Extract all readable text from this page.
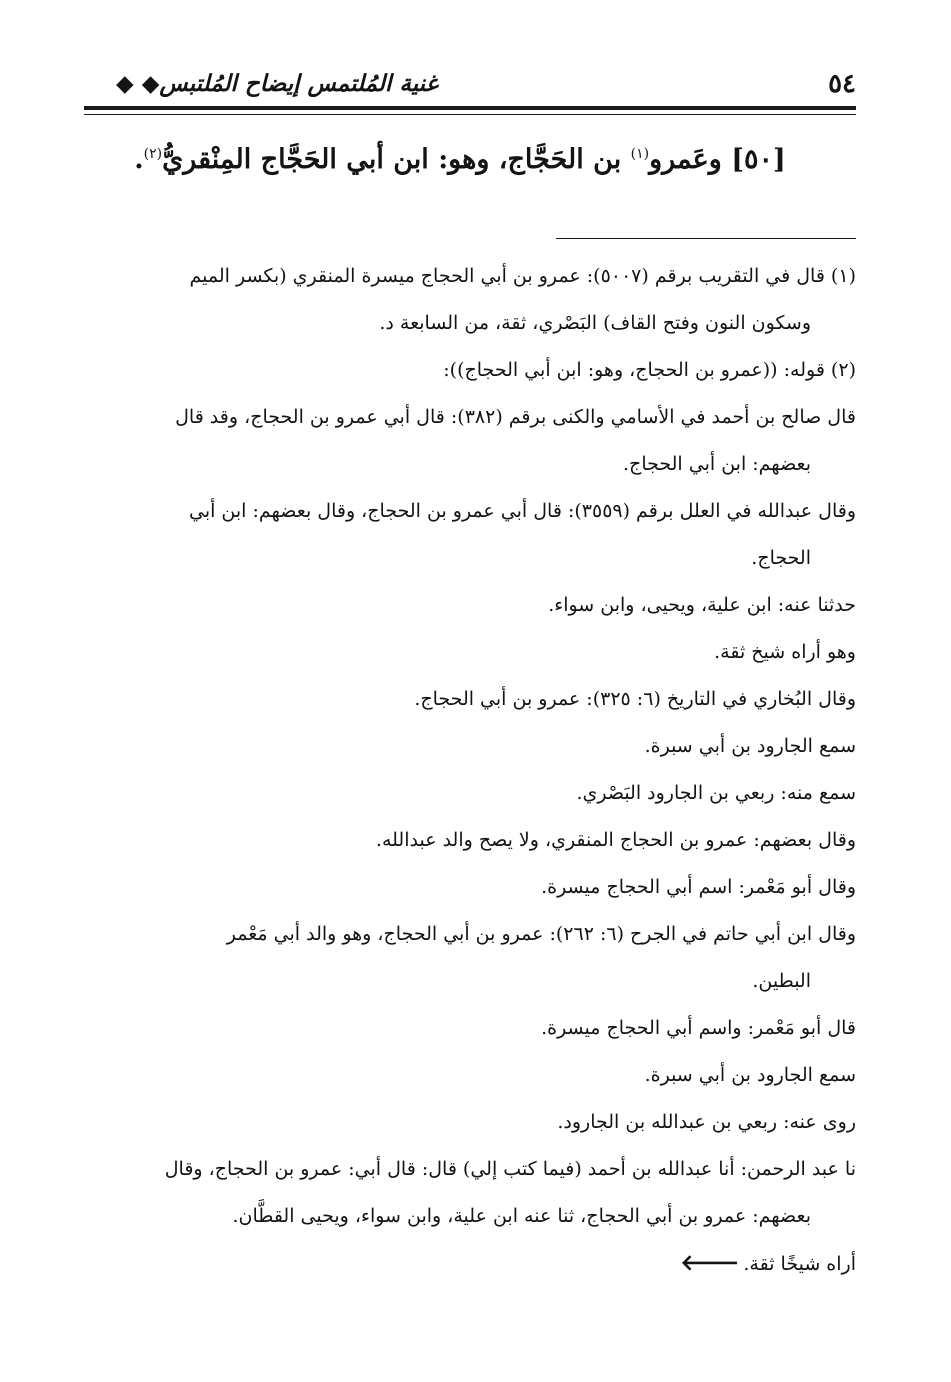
٥٤
غنية المُلتمس إيضاح المُلتبس◆ ◆
[٥٠] وعَمرو$^{(١)}$ بن الحَجَّاج، وهو: ابن أبي الحَجَّاج المِنْقريُّ$^{(٢)}$.

(١) قال في التقريب برقم (٥٠٠٧): عمرو بن أبي الحجاج ميسرة المنقري (بكسر الميم

وسكون النون وفتح القاف) البَصْري، ثقة، من السابعة د.

(٢) قوله: ((عمرو بن الحجاج، وهو: ابن أبي الحجاج)):

قال صالح بن أحمد في الأسامي والكنى برقم (٣٨٢): قال أبي عمرو بن الحجاج، وقد قال

بعضهم: ابن أبي الحجاج.

وقال عبدالله في العلل برقم (٣٥٥٩): قال أبي عمرو بن الحجاج، وقال بعضهم: ابن أبي

الحجاج.

حدثنا عنه: ابن علية، ويحيى، وابن سواء.

وهو أراه شيخ ثقة.

وقال البُخاري في التاريخ (٦: ٣٢٥): عمرو بن أبي الحجاج.

سمع الجارود بن أبي سبرة.

سمع منه: ربعي بن الجارود البَصْري.

وقال بعضهم: عمرو بن الحجاج المنقري، ولا يصح والد عبدالله.

وقال أبو مَعْمر: اسم أبي الحجاج ميسرة.

وقال ابن أبي حاتم في الجرح (٦: ٢٦٢): عمرو بن أبي الحجاج، وهو والد أبي مَعْمر

البطين.

قال أبو مَعْمر: واسم أبي الحجاج ميسرة.

سمع الجارود بن أبي سبرة.

روى عنه: ربعي بن عبدالله بن الجارود.

نا عبد الرحمن: أنا عبدالله بن أحمد (فيما كتب إلي) قال: قال أبي: عمرو بن الحجاج، وقال

بعضهم: عمرو بن أبي الحجاج، ثنا عنه ابن علية، وابن سواء، ويحيى القطَّان.

أراه شيخًا ثقة.🡐
